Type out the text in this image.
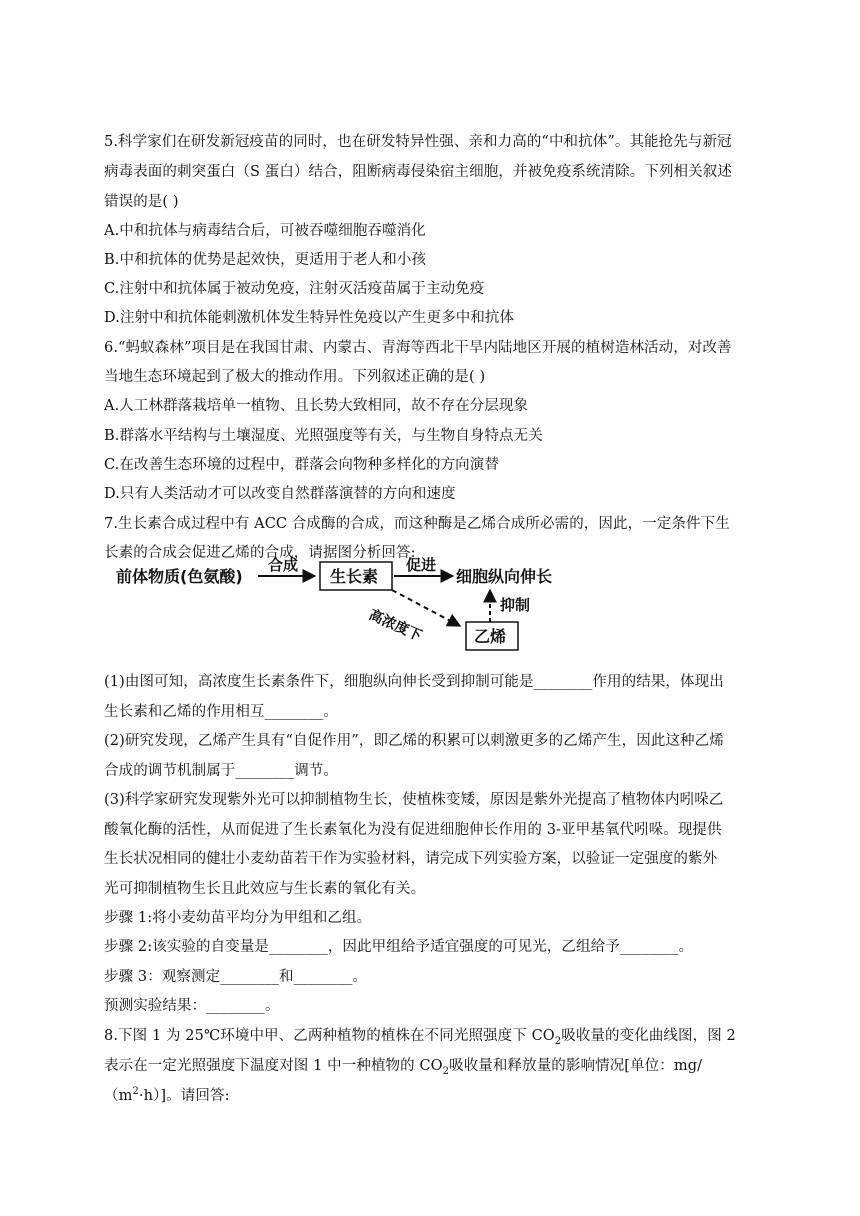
5.科学家们在研发新冠疫苗的同时，也在研发特异性强、亲和力高的“中和抗体”。其能抢先与新冠
病毒表面的刺突蛋白（S 蛋白）结合，阻断病毒侵染宿主细胞，并被免疫系统清除。下列相关叙述
错误的是( )
A.中和抗体与病毒结合后，可被吞噬细胞吞噬消化
B.中和抗体的优势是起效快，更适用于老人和小孩
C.注射中和抗体属于被动免疫，注射灭活疫苗属于主动免疫
D.注射中和抗体能刺激机体发生特异性免疫以产生更多中和抗体
6.“蚂蚁森林”项目是在我国甘肃、内蒙古、青海等西北干旱内陆地区开展的植树造林活动，对改善
当地生态环境起到了极大的推动作用。下列叙述正确的是( )
A.人工林群落栽培单一植物、且长势大致相同，故不存在分层现象
B.群落水平结构与土壤湿度、光照强度等有关，与生物自身特点无关
C.在改善生态环境的过程中，群落会向物种多样化的方向演替
D.只有人类活动才可以改变自然群落演替的方向和速度
7.生长素合成过程中有 ACC 合成酶的合成，而这种酶是乙烯合成所必需的，因此，一定条件下生
长素的合成会促进乙烯的合成，请据图分析回答:
前体物质(色氨酸)
合成
生长素
促进
细胞纵向伸长
抑制
高浓度下	乙烯
(1)由图可知，高浓度生长素条件下，细胞纵向伸长受到抑制可能是________作用的结果，体现出
生长素和乙烯的作用相互________。
(2)研究发现，乙烯产生具有“自促作用”，即乙烯的积累可以刺激更多的乙烯产生，因此这种乙烯
合成的调节机制属于________调节。
(3)科学家研究发现紫外光可以抑制植物生长，使植株变矮，原因是紫外光提高了植物体内吲哚乙
酸氧化酶的活性，从而促进了生长素氧化为没有促进细胞伸长作用的 3-亚甲基氧代吲哚。现提供
生长状况相同的健壮小麦幼苗若干作为实验材料，请完成下列实验方案，以验证一定强度的紫外
光可抑制植物生长且此效应与生长素的氧化有关。
步骤 1:将小麦幼苗平均分为甲组和乙组。
步骤 2:该实验的自变量是________，因此甲组给予适宜强度的可见光，乙组给予________。
步骤 3：观察测定________和________。
预测实验结果：________。
8.下图 1 为 25℃环境中甲、乙两种植物的植株在不同光照强度下 $CO_2$吸收量的变化曲线图，图 2
表示在一定光照强度下温度对图 1 中一种植物的 $CO_2$吸收量和释放量的影响情况[单位：mg/
$(m^2\cdot h)$]。请回答:
